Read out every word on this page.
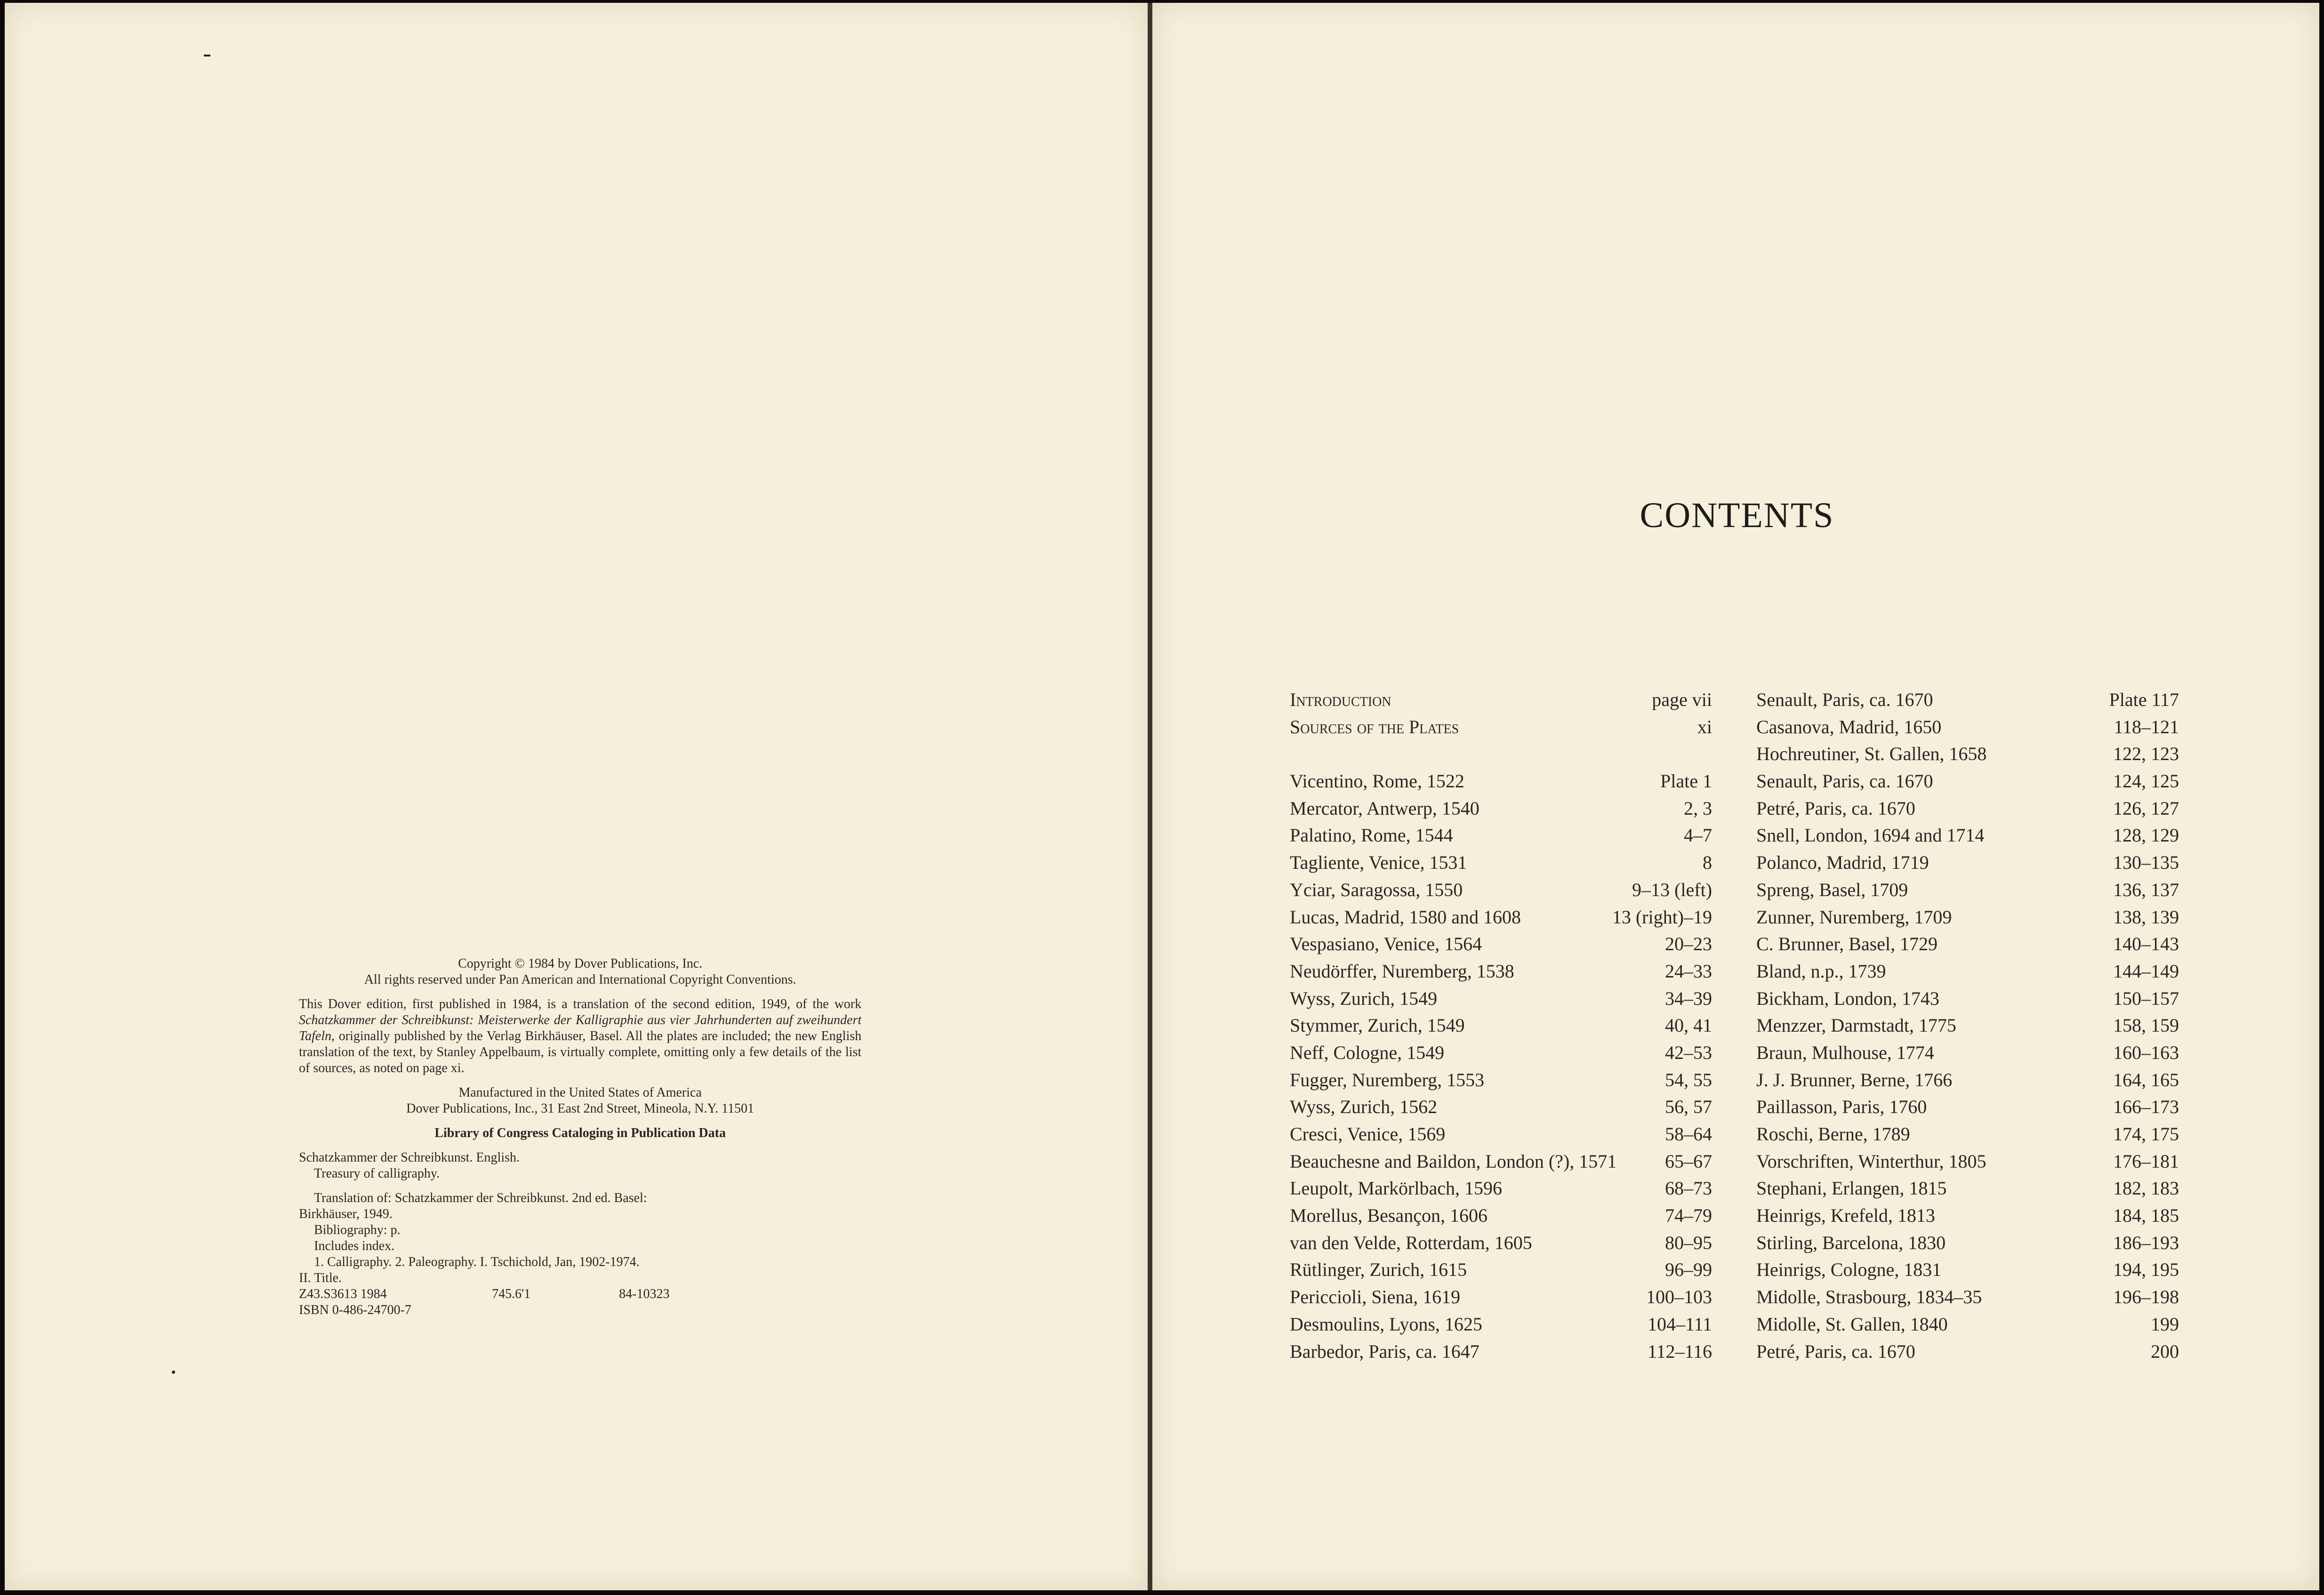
Copyright © 1984 by Dover Publications, Inc.
All rights reserved under Pan American and International Copyright Conventions.
This Dover edition, first published in 1984, is a translation of the second edition, 1949, of the work Schatzkammer der Schreibkunst: Meisterwerke der Kalligraphie aus vier Jahrhunderten auf zweihundert Tafeln, originally published by the Verlag Birkhäuser, Basel. All the plates are included; the new English translation of the text, by Stanley Appelbaum, is virtually complete, omitting only a few details of the list of sources, as noted on page xi.
Manufactured in the United States of America
Dover Publications, Inc., 31 East 2nd Street, Mineola, N.Y. 11501
Library of Congress Cataloging in Publication Data
Schatzkammer der Schreibkunst. English.
Treasury of calligraphy.
Translation of: Schatzkammer der Schreibkunst. 2nd ed. Basel:
Birkhäuser, 1949.
Bibliography: p.
Includes index.
1. Calligraphy. 2. Paleography. I. Tschichold, Jan, 1902-1974.
II. Title.
Z43.S3613 1984	745.6'1	84-10323
ISBN 0-486-24700-7
CONTENTS
Introduction	page vii
Sources of the Plates	xi
Vicentino, Rome, 1522	Plate 1
Mercator, Antwerp, 1540	2, 3
Palatino, Rome, 1544	4–7
Tagliente, Venice, 1531	8
Yciar, Saragossa, 1550	9–13 (left)
Lucas, Madrid, 1580 and 1608	13 (right)–19
Vespasiano, Venice, 1564	20–23
Neudörffer, Nuremberg, 1538	24–33
Wyss, Zurich, 1549	34–39
Stymmer, Zurich, 1549	40, 41
Neff, Cologne, 1549	42–53
Fugger, Nuremberg, 1553	54, 55
Wyss, Zurich, 1562	56, 57
Cresci, Venice, 1569	58–64
Beauchesne and Baildon, London (?), 1571	65–67
Leupolt, Markörlbach, 1596	68–73
Morellus, Besançon, 1606	74–79
van den Velde, Rotterdam, 1605	80–95
Rütlinger, Zurich, 1615	96–99
Periccioli, Siena, 1619	100–103
Desmoulins, Lyons, 1625	104–111
Barbedor, Paris, ca. 1647	112–116
Senault, Paris, ca. 1670	Plate 117
Casanova, Madrid, 1650	118–121
Hochreutiner, St. Gallen, 1658	122, 123
Senault, Paris, ca. 1670	124, 125
Petré, Paris, ca. 1670	126, 127
Snell, London, 1694 and 1714	128, 129
Polanco, Madrid, 1719	130–135
Spreng, Basel, 1709	136, 137
Zunner, Nuremberg, 1709	138, 139
C. Brunner, Basel, 1729	140–143
Bland, n.p., 1739	144–149
Bickham, London, 1743	150–157
Menzzer, Darmstadt, 1775	158, 159
Braun, Mulhouse, 1774	160–163
J. J. Brunner, Berne, 1766	164, 165
Paillasson, Paris, 1760	166–173
Roschi, Berne, 1789	174, 175
Vorschriften, Winterthur, 1805	176–181
Stephani, Erlangen, 1815	182, 183
Heinrigs, Krefeld, 1813	184, 185
Stirling, Barcelona, 1830	186–193
Heinrigs, Cologne, 1831	194, 195
Midolle, Strasbourg, 1834–35	196–198
Midolle, St. Gallen, 1840	199
Petré, Paris, ca. 1670	200
